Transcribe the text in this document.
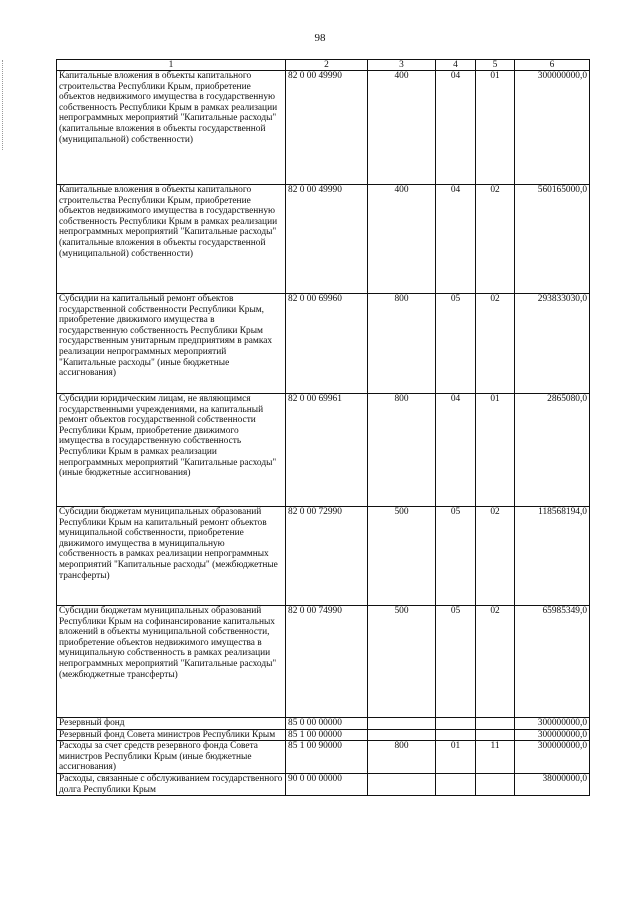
98
1	2	3	4	5	6
Капитальные вложения в объекты капитального строительства Республики Крым, приобретение объектов недвижимого имущества в государственную собственность Республики Крым в рамках реализации непрограммных мероприятий "Капитальные расходы" (капитальные вложения в объекты государственной (муниципальной) собственности)	82 0 00 49990	400	04	01	300000000,0
Капитальные вложения в объекты капитального строительства Республики Крым, приобретение объектов недвижимого имущества в государственную собственность Республики Крым в рамках реализации непрограммных мероприятий "Капитальные расходы" (капитальные вложения в объекты государственной (муниципальной) собственности)	82 0 00 49990	400	04	02	560165000,0
Субсидии на капитальный ремонт объектов государственной собственности Республики Крым, приобретение движимого имущества в государственную собственность Республики Крым государственным унитарным предприятиям в рамках реализации непрограммных мероприятий "Капитальные расходы" (иные бюджетные ассигнования)	82 0 00 69960	800	05	02	293833030,0
Субсидии юридическим лицам, не являющимся государственными учреждениями, на капитальный ремонт объектов государственной собственности Республики Крым, приобретение движимого имущества в государственную собственность Республики Крым в рамках реализации непрограммных мероприятий "Капитальные расходы" (иные бюджетные ассигнования)	82 0 00 69961	800	04	01	2865080,0
Субсидии бюджетам муниципальных образований Республики Крым на капитальный ремонт объектов муниципальной собственности, приобретение движимого имущества в муниципальную собственность в рамках реализации непрограммных мероприятий "Капитальные расходы" (межбюджетные трансферты)	82 0 00 72990	500	05	02	118568194,0
Субсидии бюджетам муниципальных образований Республики Крым на софинансирование капитальных вложений в объекты муниципальной собственности, приобретение объектов недвижимого имущества в муниципальную собственность в рамках реализации непрограммных мероприятий "Капитальные расходы" (межбюджетные трансферты)	82 0 00 74990	500	05	02	65985349,0
Резервный фонд	85 0 00 00000				300000000,0
Резервный фонд Совета министров Республики Крым	85 1 00 00000				300000000,0
Расходы за счет средств резервного фонда Совета министров Республики Крым (иные бюджетные ассигнования)	85 1 00 90000	800	01	11	300000000,0
Расходы, связанные с обслуживанием государственного долга Республики Крым	90 0 00 00000				38000000,0
